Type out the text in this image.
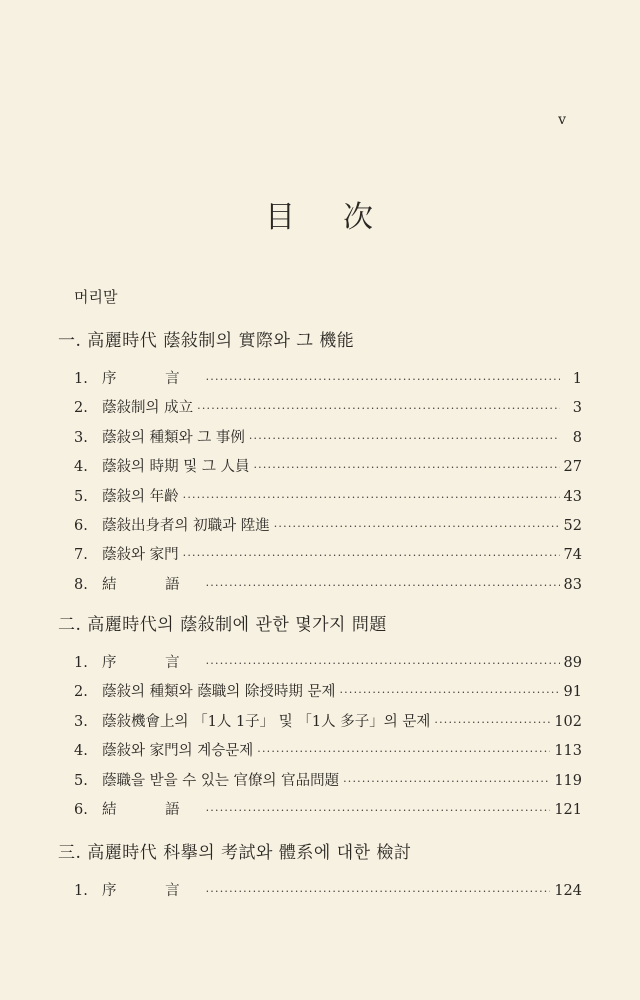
v
目 次
머리말
一. 高麗時代 蔭敍制의 實際와 그 機能
1. 序 言 ·····	1
2. 蔭敍制의 成立 ·····	3
3. 蔭敍의 種類와 그 事例 ·····	8
4. 蔭敍의 時期 및 그 人員 ·····	27
5. 蔭敍의 年齡 ·····	43
6. 蔭敍出身者의 初職과 陞進 ·····	52
7. 蔭敍와 家門 ·····	74
8. 結 語 ·····	83
二. 高麗時代의 蔭敍制에 관한 몇가지 問題
1. 序 言 ·····	89
2. 蔭敍의 種類와 蔭職의 除授時期 문제 ·····	91
3. 蔭敍機會上의 「1人 1子」 및 「1人 多子」의 문제 ·····	102
4. 蔭敍와 家門의 계승문제 ·····	113
5. 蔭職을 받을 수 있는 官僚의 官品問題 ·····	119
6. 結 語 ·····	121
三. 高麗時代 科擧의 考試와 體系에 대한 檢討
1. 序 言 ·····	124
